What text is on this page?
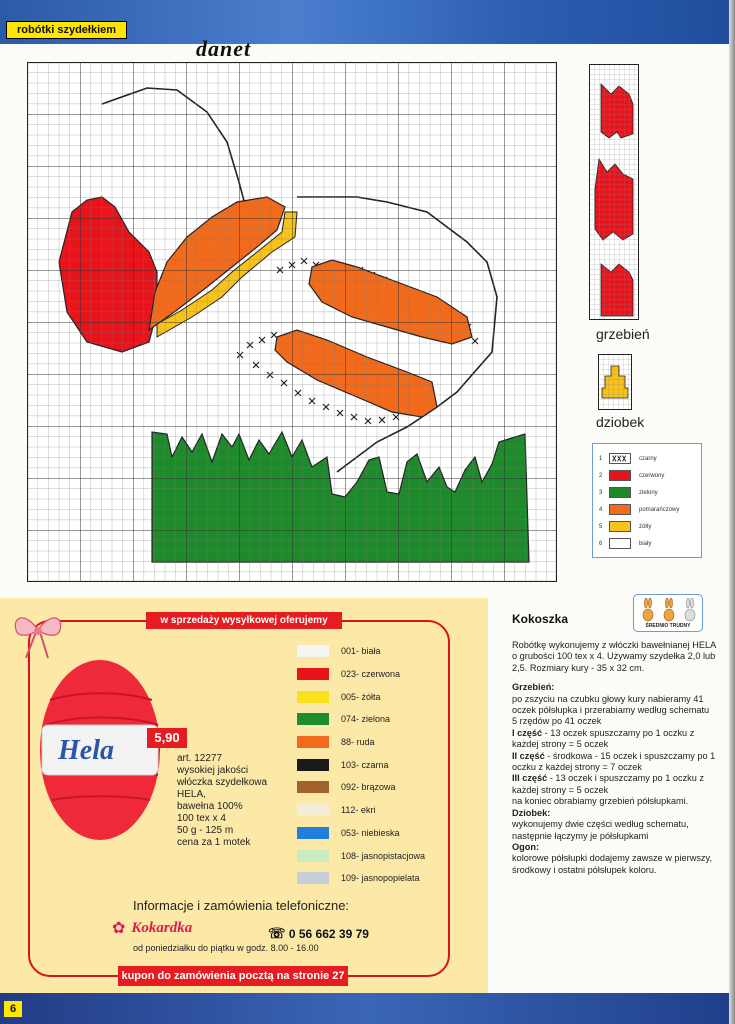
robótki szydełkiem
danet
grzebień
dziobek
1	czarny
2	czerwony
3	zielony
4	pomarańczowy
5	żółty
6	biały
w sprzedaży wysyłkowej oferujemy
Hela	5,90
art. 12277
wysokiej jakości
włóczka szydełkowa
HELA,
bawełna 100%
100 tex x 4
50 g - 125 m
cena za 1 motek
001- biała
023- czerwona
005- żółta
074- zielona
88- ruda
103- czarna
092- brązowa
112- ekri
053- niebieska
108- jasnopistacjowa
109- jasnopopielata
Informacje i zamówienia telefoniczne:
✿ Kokardka	☏ 0 56 662 39 79
od poniedziałku do piątku w godz. 8.00 - 16.00
kupon do zamówienia pocztą na stronie 27
Kokoszka	ŚREDNIO TRUDNY

Robótkę wykonujemy z włóczki bawełnianej HELA o grubości 100 tex x 4. Używamy szydełka 2,0 lub 2,5. Rozmiary kury - 35 x 32 cm.

Grzebień:

po zszyciu na czubku głowy kury nabieramy 41 oczek półsłupka i przerabiamy według schematu

5 rzędów po 41 oczek

I część - 13 oczek spuszczamy po 1 oczku z każdej strony = 5 oczek

II część - środkowa - 15 oczek i spuszczamy po 1 oczku z każdej strony = 7 oczek

III część - 13 oczek i spuszczamy po 1 oczku z każdej strony = 5 oczek

na koniec obrabiamy grzebień półsłupkami.

Dziobek:

wykonujemy dwie części według schematu, następnie łączymy je półsłupkami

Ogon:

kolorowe półsłupki dodajemy zawsze w pierwszy, środkowy i ostatni półsłupek koloru.

6
